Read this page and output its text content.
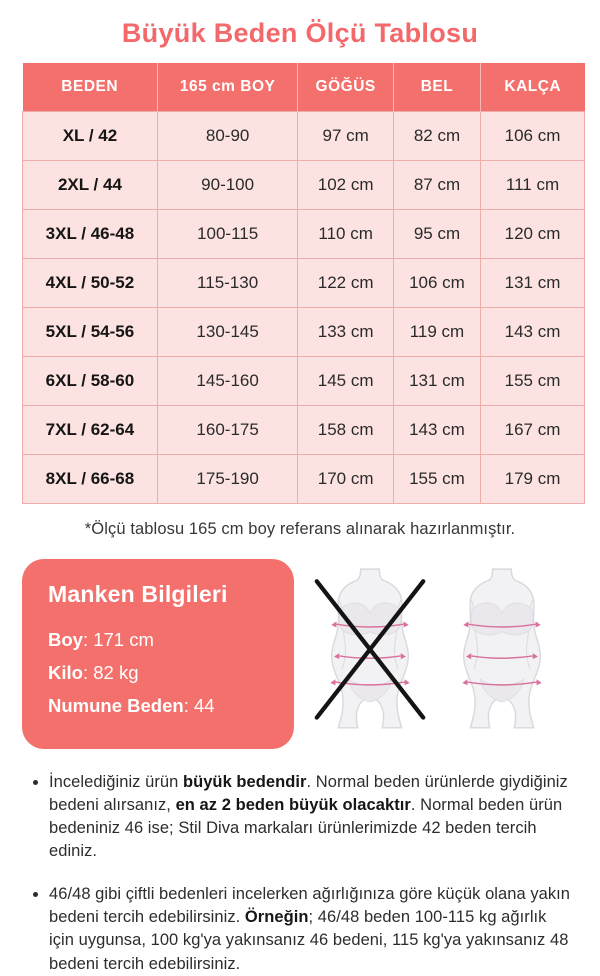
Büyük Beden Ölçü Tablosu
BEDEN	165 cm BOY	GÖĞÜS	BEL	KALÇA
XL / 42	80-90	97 cm	82 cm	106 cm
2XL / 44	90-100	102 cm	87 cm	111 cm
3XL / 46-48	100-115	110 cm	95 cm	120 cm
4XL / 50-52	115-130	122 cm	106 cm	131 cm
5XL / 54-56	130-145	133 cm	119 cm	143 cm
6XL / 58-60	145-160	145 cm	131 cm	155 cm
7XL / 62-64	160-175	158 cm	143 cm	167 cm
8XL / 66-68	175-190	170 cm	155 cm	179 cm

*Ölçü tablosu 165 cm boy referans alınarak hazırlanmıştır.

Manken Bilgileri

Boy: 171 cm

Kilo: 82 kg

Numune Beden: 44

• İncelediğiniz ürün büyük bedendir. Normal beden ürünlerde giydiğiniz bedeni alırsanız, en az 2 beden büyük olacaktır. Normal beden ürün bedeniniz 46 ise; Stil Diva markaları ürünlerimizde 42 beden tercih ediniz.
• 46/48 gibi çiftli bedenleri incelerken ağırlığınıza göre küçük olana yakın bedeni tercih edebilirsiniz. Örneğin; 46/48 beden 100-115 kg ağırlık için uygunsa, 100 kg'ya yakınsanız 46 bedeni, 115 kg'ya yakınsanız 48 bedeni tercih edebilirsiniz.
